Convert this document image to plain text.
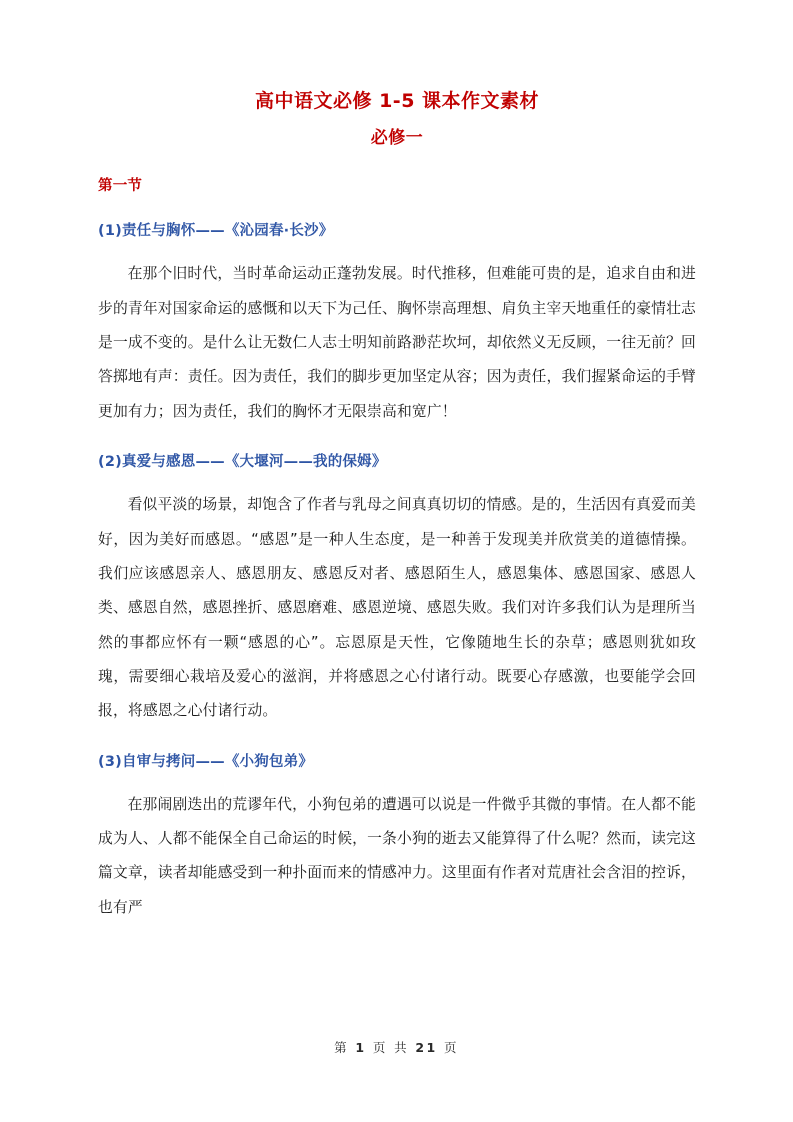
高中语文必修 1-5 课本作文素材
必修一
第一节
(1)责任与胸怀——《沁园春·长沙》

在那个旧时代，当时革命运动正蓬勃发展。时代推移，但难能可贵的是，追求自由和进步的青年对国家命运的感慨和以天下为己任、胸怀崇高理想、肩负主宰天地重任的豪情壮志是一成不变的。是什么让无数仁人志士明知前路渺茫坎坷，却依然义无反顾，一往无前？回答掷地有声：责任。因为责任，我们的脚步更加坚定从容；因为责任，我们握紧命运的手臂更加有力；因为责任，我们的胸怀才无限崇高和宽广！

(2)真爱与感恩——《大堰河——我的保姆》

看似平淡的场景，却饱含了作者与乳母之间真真切切的情感。是的，生活因有真爱而美好，因为美好而感恩。“感恩”是一种人生态度，是一种善于发现美并欣赏美的道德情操。我们应该感恩亲人、感恩朋友、感恩反对者、感恩陌生人，感恩集体、感恩国家、感恩人类、感恩自然，感恩挫折、感恩磨难、感恩逆境、感恩失败。我们对许多我们认为是理所当然的事都应怀有一颗“感恩的心”。忘恩原是天性，它像随地生长的杂草；感恩则犹如玫瑰，需要细心栽培及爱心的滋润，并将感恩之心付诸行动。既要心存感激，也要能学会回报，将感恩之心付诸行动。

(3)自审与拷问——《小狗包弟》

在那闹剧迭出的荒谬年代，小狗包弟的遭遇可以说是一件微乎其微的事情。在人都不能成为人、人都不能保全自己命运的时候，一条小狗的逝去又能算得了什么呢？然而，读完这篇文章，读者却能感受到一种扑面而来的情感冲力。这里面有作者对荒唐社会含泪的控诉，也有严

第 1 页 共 21 页
